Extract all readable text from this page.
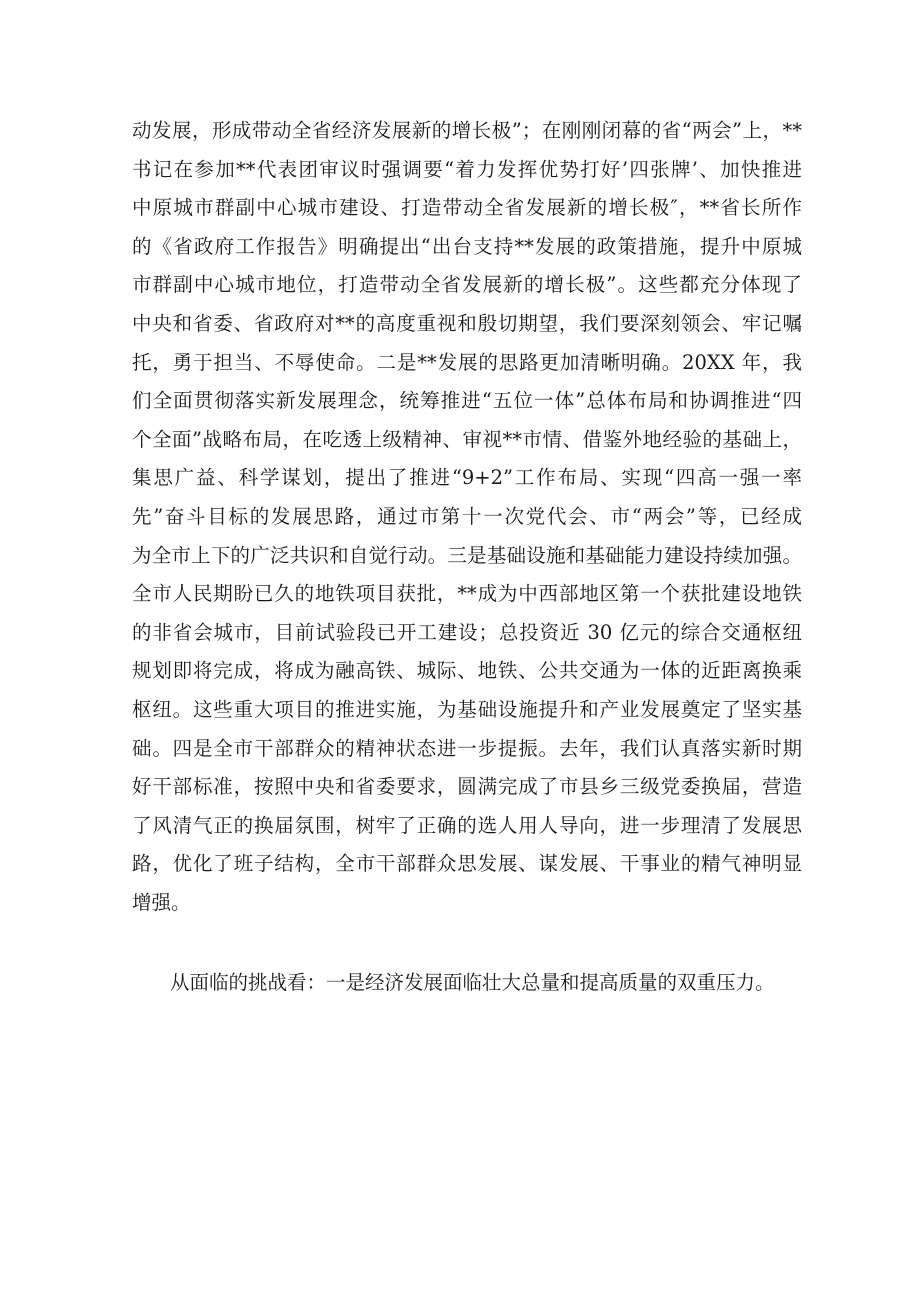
动发展，形成带动全省经济发展新的增长极”；在刚刚闭幕的省“两会”上，**
书记在参加**代表团审议时强调要“着力发挥优势打好’四张牌’、加快推进
中原城市群副中心城市建设、打造带动全省发展新的增长极″，**省长所作
的《省政府工作报告》明确提出“出台支持**发展的政策措施，提升中原城
市群副中心城市地位，打造带动全省发展新的增长极”。这些都充分体现了
中央和省委、省政府对**的高度重视和殷切期望，我们要深刻领会、牢记嘱
托，勇于担当、不辱使命。二是**发展的思路更加清晰明确。20XX 年，我
们全面贯彻落实新发展理念，统筹推进“五位一体”总体布局和协调推进“四
个全面”战略布局，在吃透上级精神、审视**市情、借鉴外地经验的基础上，
集思广益、科学谋划，提出了推进“9+2”工作布局、实现“四高一强一率
先”奋斗目标的发展思路，通过市第十一次党代会、市“两会”等，已经成
为全市上下的广泛共识和自觉行动。三是基础设施和基础能力建设持续加强。
全市人民期盼已久的地铁项目获批，**成为中西部地区第一个获批建设地铁
的非省会城市，目前试验段已开工建设；总投资近 30 亿元的综合交通枢纽
规划即将完成，将成为融高铁、城际、地铁、公共交通为一体的近距离换乘
枢纽。这些重大项目的推进实施，为基础设施提升和产业发展奠定了坚实基
础。四是全市干部群众的精神状态进一步提振。去年，我们认真落实新时期
好干部标准，按照中央和省委要求，圆满完成了市县乡三级党委换届，营造
了风清气正的换届氛围，树牢了正确的选人用人导向，进一步理清了发展思
路，优化了班子结构，全市干部群众思发展、谋发展、干事业的精气神明显
增强。
从面临的挑战看：一是经济发展面临壮大总量和提高质量的双重压力。
